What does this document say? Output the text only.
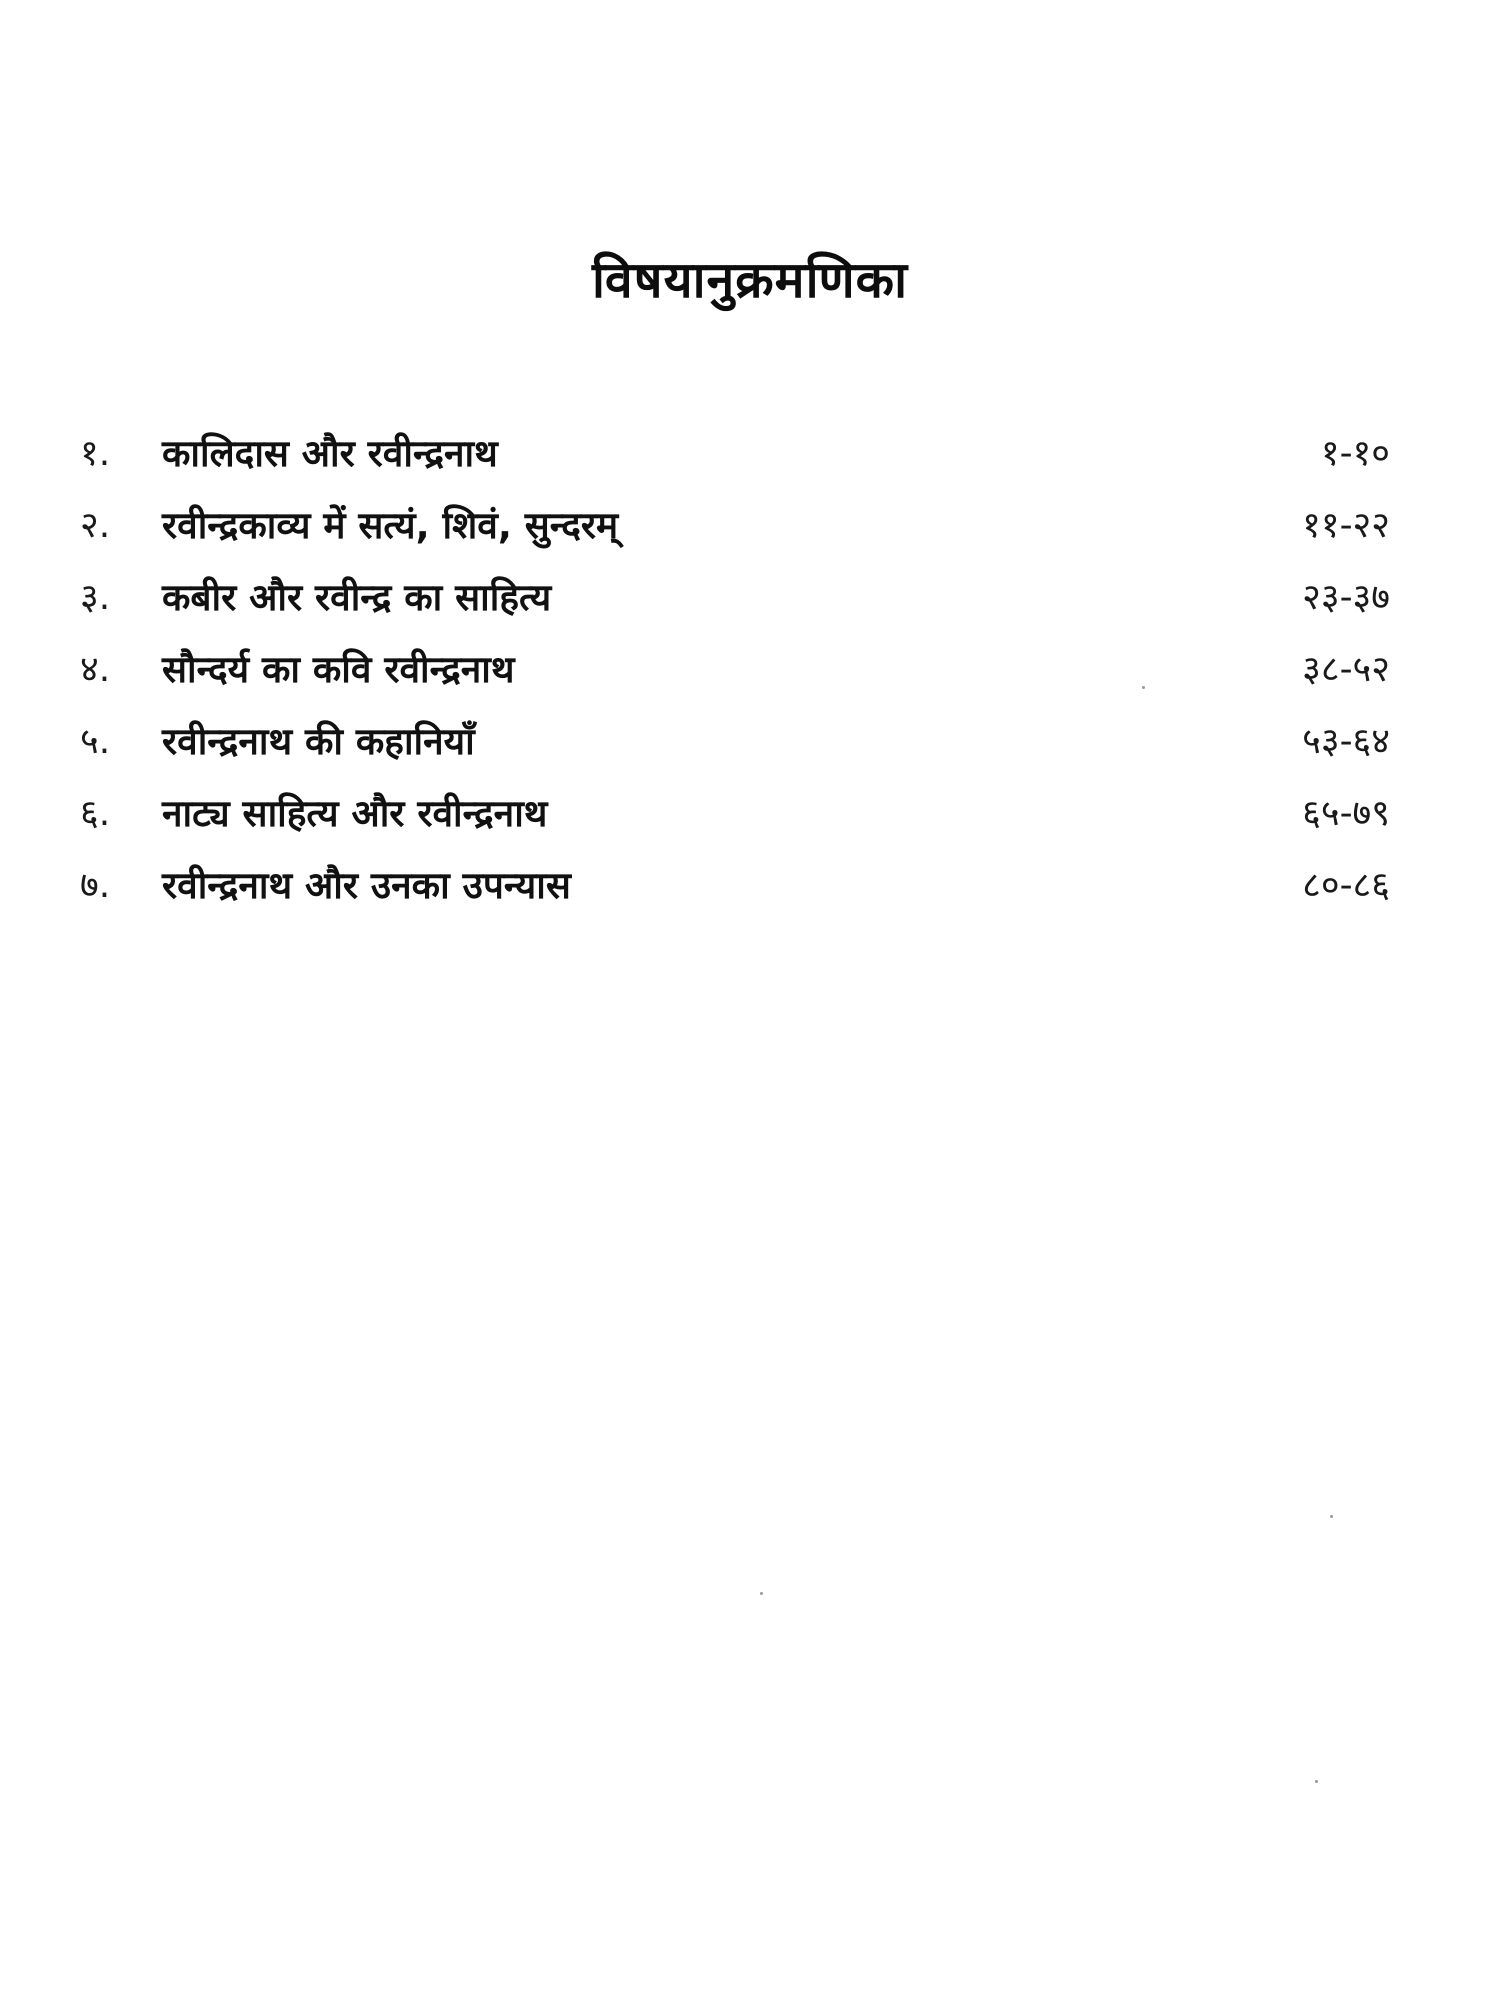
विषयानुक्रमणिका
१.	कालिदास और रवीन्द्रनाथ	१-१०
२.	रवीन्द्रकाव्य में सत्यं, शिवं, सुन्दरम्	११-२२
३.	कबीर और रवीन्द्र का साहित्य	२३-३७
४.	सौन्दर्य का कवि रवीन्द्रनाथ	३८-५२
५.	रवीन्द्रनाथ की कहानियाँ	५३-६४
६.	नाट्य साहित्य और रवीन्द्रनाथ	६५-७९
७.	रवीन्द्रनाथ और उनका उपन्यास	८०-८६
